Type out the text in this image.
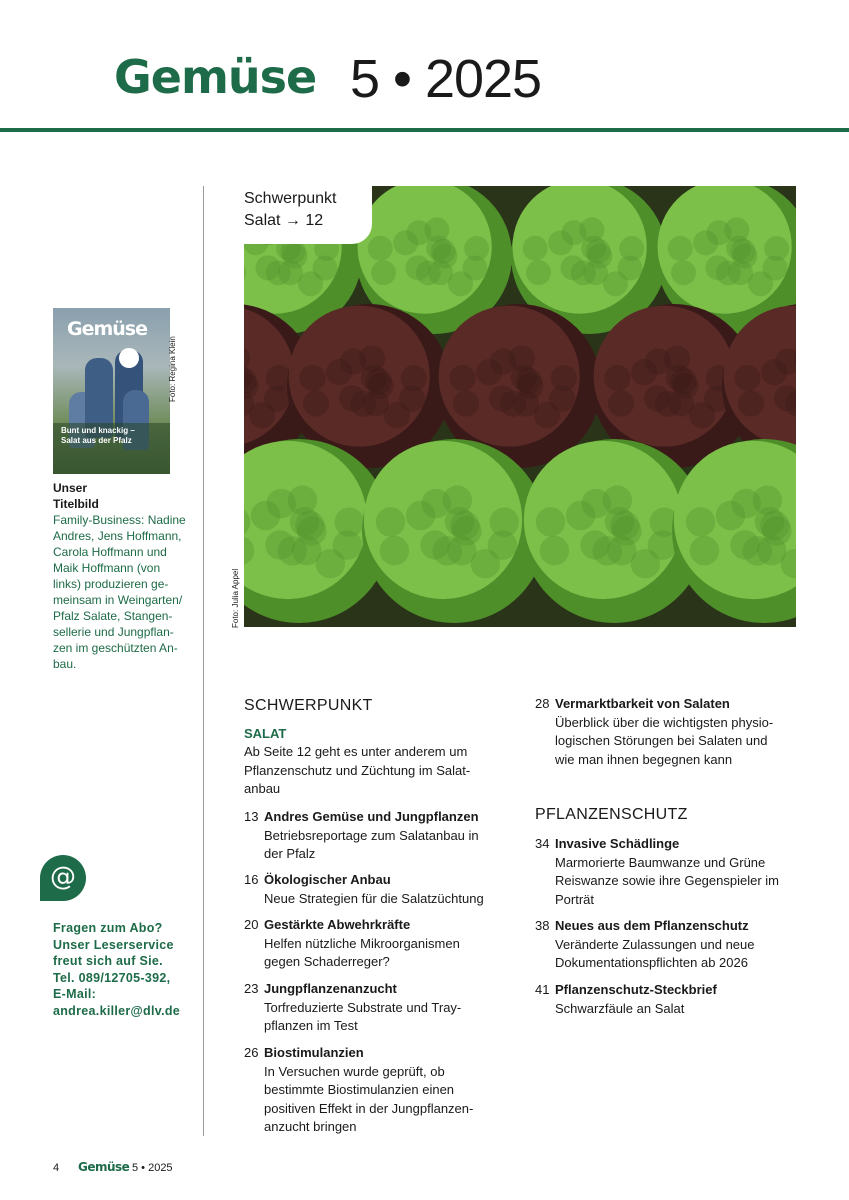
Gemüse 5 • 2025
Gemüse
Bunt und knackig –
Salat aus der Pfalz
Foto: Regina Klein
Unser
Titelbild
Family-Business: Nadine
Andres, Jens Hoffmann,
Carola Hoffmann und
Maik Hoffmann (von
links) produzieren ge-
meinsam in Weingarten/
Pfalz Salate, Stangen-
sellerie und Jungpflan-
zen im geschützten An-
bau.
@
Fragen zum Abo?
Unser Leserservice
freut sich auf Sie.
Tel. 089/12705-392,
E-Mail:
andrea.killer@dlv.de
Schwerpunkt
Salat → 12
Foto: Julia Appel
SCHWERPUNKT
SALAT
Ab Seite 12 geht es unter anderem um
Pflanzenschutz und Züchtung im Salat-
anbau
13 Andres Gemüse und Jungpflanzen
Betriebsreportage zum Salatanbau in
der Pfalz
16 Ökologischer Anbau
Neue Strategien für die Salatzüchtung
20 Gestärkte Abwehrkräfte
Helfen nützliche Mikroorganismen
gegen Schaderreger?
23 Jungpflanzenanzucht
Torfreduzierte Substrate und Tray-
pflanzen im Test
26 Biostimulanzien
In Versuchen wurde geprüft, ob
bestimmte Biostimulanzien einen
positiven Effekt in der Jungpflanzen-
anzucht bringen
28 Vermarktbarkeit von Salaten
Überblick über die wichtigsten physio-
logischen Störungen bei Salaten und
wie man ihnen begegnen kann
PFLANZENSCHUTZ
34 Invasive Schädlinge
Marmorierte Baumwanze und Grüne
Reiswanze sowie ihre Gegenspieler im
Porträt
38 Neues aus dem Pflanzenschutz
Veränderte Zulassungen und neue
Dokumentationspflichten ab 2026
41 Pflanzenschutz-Steckbrief
Schwarzfäule an Salat
4 Gemüse 5 • 2025
